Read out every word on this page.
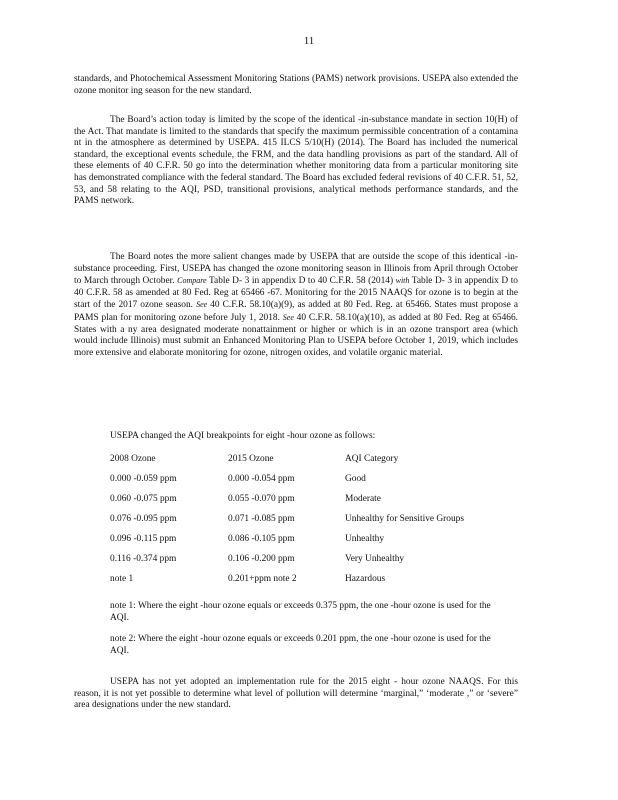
11

standards, and Photochemical Assessment Monitoring Stations (PAMS) network provisions. USEPA also extended the ozone monitor ing season for the new standard.

The Board’s action today is limited by the scope of the identical -in-substance mandate in section 10(H) of the Act. That mandate is limited to the standards that specify the maximum permissible concentration of a contamina nt in the atmosphere as determined by USEPA. 415 ILCS 5/10(H) (2014). The Board has included the numerical standard, the exceptional events schedule, the FRM, and the data handling provisions as part of the standard. All of these elements of 40 C.F.R. 50 go into the determination whether monitoring data from a particular monitoring site has demonstrated compliance with the federal standard. The Board has excluded federal revisions of 40 C.F.R. 51, 52, 53, and 58 relating to the AQI, PSD, transitional provisions, analytical methods performance standards, and the PAMS network.

The Board notes the more salient changes made by USEPA that are outside the scope of this identical -in-substance proceeding. First, USEPA has changed the ozone monitoring season in Illinois from April through October to March through October. Compare Table D- 3 in appendix D to 40 C.F.R. 58 (2014) with Table D- 3 in appendix D to 40 C.F.R. 58 as amended at 80 Fed. Reg at 65466 -67. Monitoring for the 2015 NAAQS for ozone is to begin at the start of the 2017 ozone season. See 40 C.F.R. 58.10(a)(9), as added at 80 Fed. Reg. at 65466. States must propose a PAMS plan for monitoring ozone before July 1, 2018. See 40 C.F.R. 58.10(a)(10), as added at 80 Fed. Reg at 65466. States with a ny area designated moderate nonattainment or higher or which is in an ozone transport area (which would include Illinois) must submit an Enhanced Monitoring Plan to USEPA before October 1, 2019, which includes more extensive and elaborate monitoring for ozone, nitrogen oxides, and volatile organic material.

USEPA changed the AQI breakpoints for eight -hour ozone as follows:

2008 Ozone	2015 Ozone	AQI Category
0.000 -0.059 ppm	0.000 -0.054 ppm	Good
0.060 -0.075 ppm	0.055 -0.070 ppm	Moderate
0.076 -0.095 ppm	0.071 -0.085 ppm	Unhealthy for Sensitive Groups
0.096 -0.115 ppm	0.086 -0.105 ppm	Unhealthy
0.116 -0.374 ppm	0.106 -0.200 ppm	Very Unhealthy
note 1	0.201+ppm note 2	Hazardous

note 1: Where the eight -hour ozone equals or exceeds 0.375 ppm, the one -hour ozone is used for the AQI.

note 2: Where the eight -hour ozone equals or exceeds 0.201 ppm, the one -hour ozone is used for the AQI.

USEPA has not yet adopted an implementation rule for the 2015 eight - hour ozone NAAQS. For this reason, it is not yet possible to determine what level of pollution will determine ‘marginal,” ‘moderate ,” or ‘severe” area designations under the new standard.
